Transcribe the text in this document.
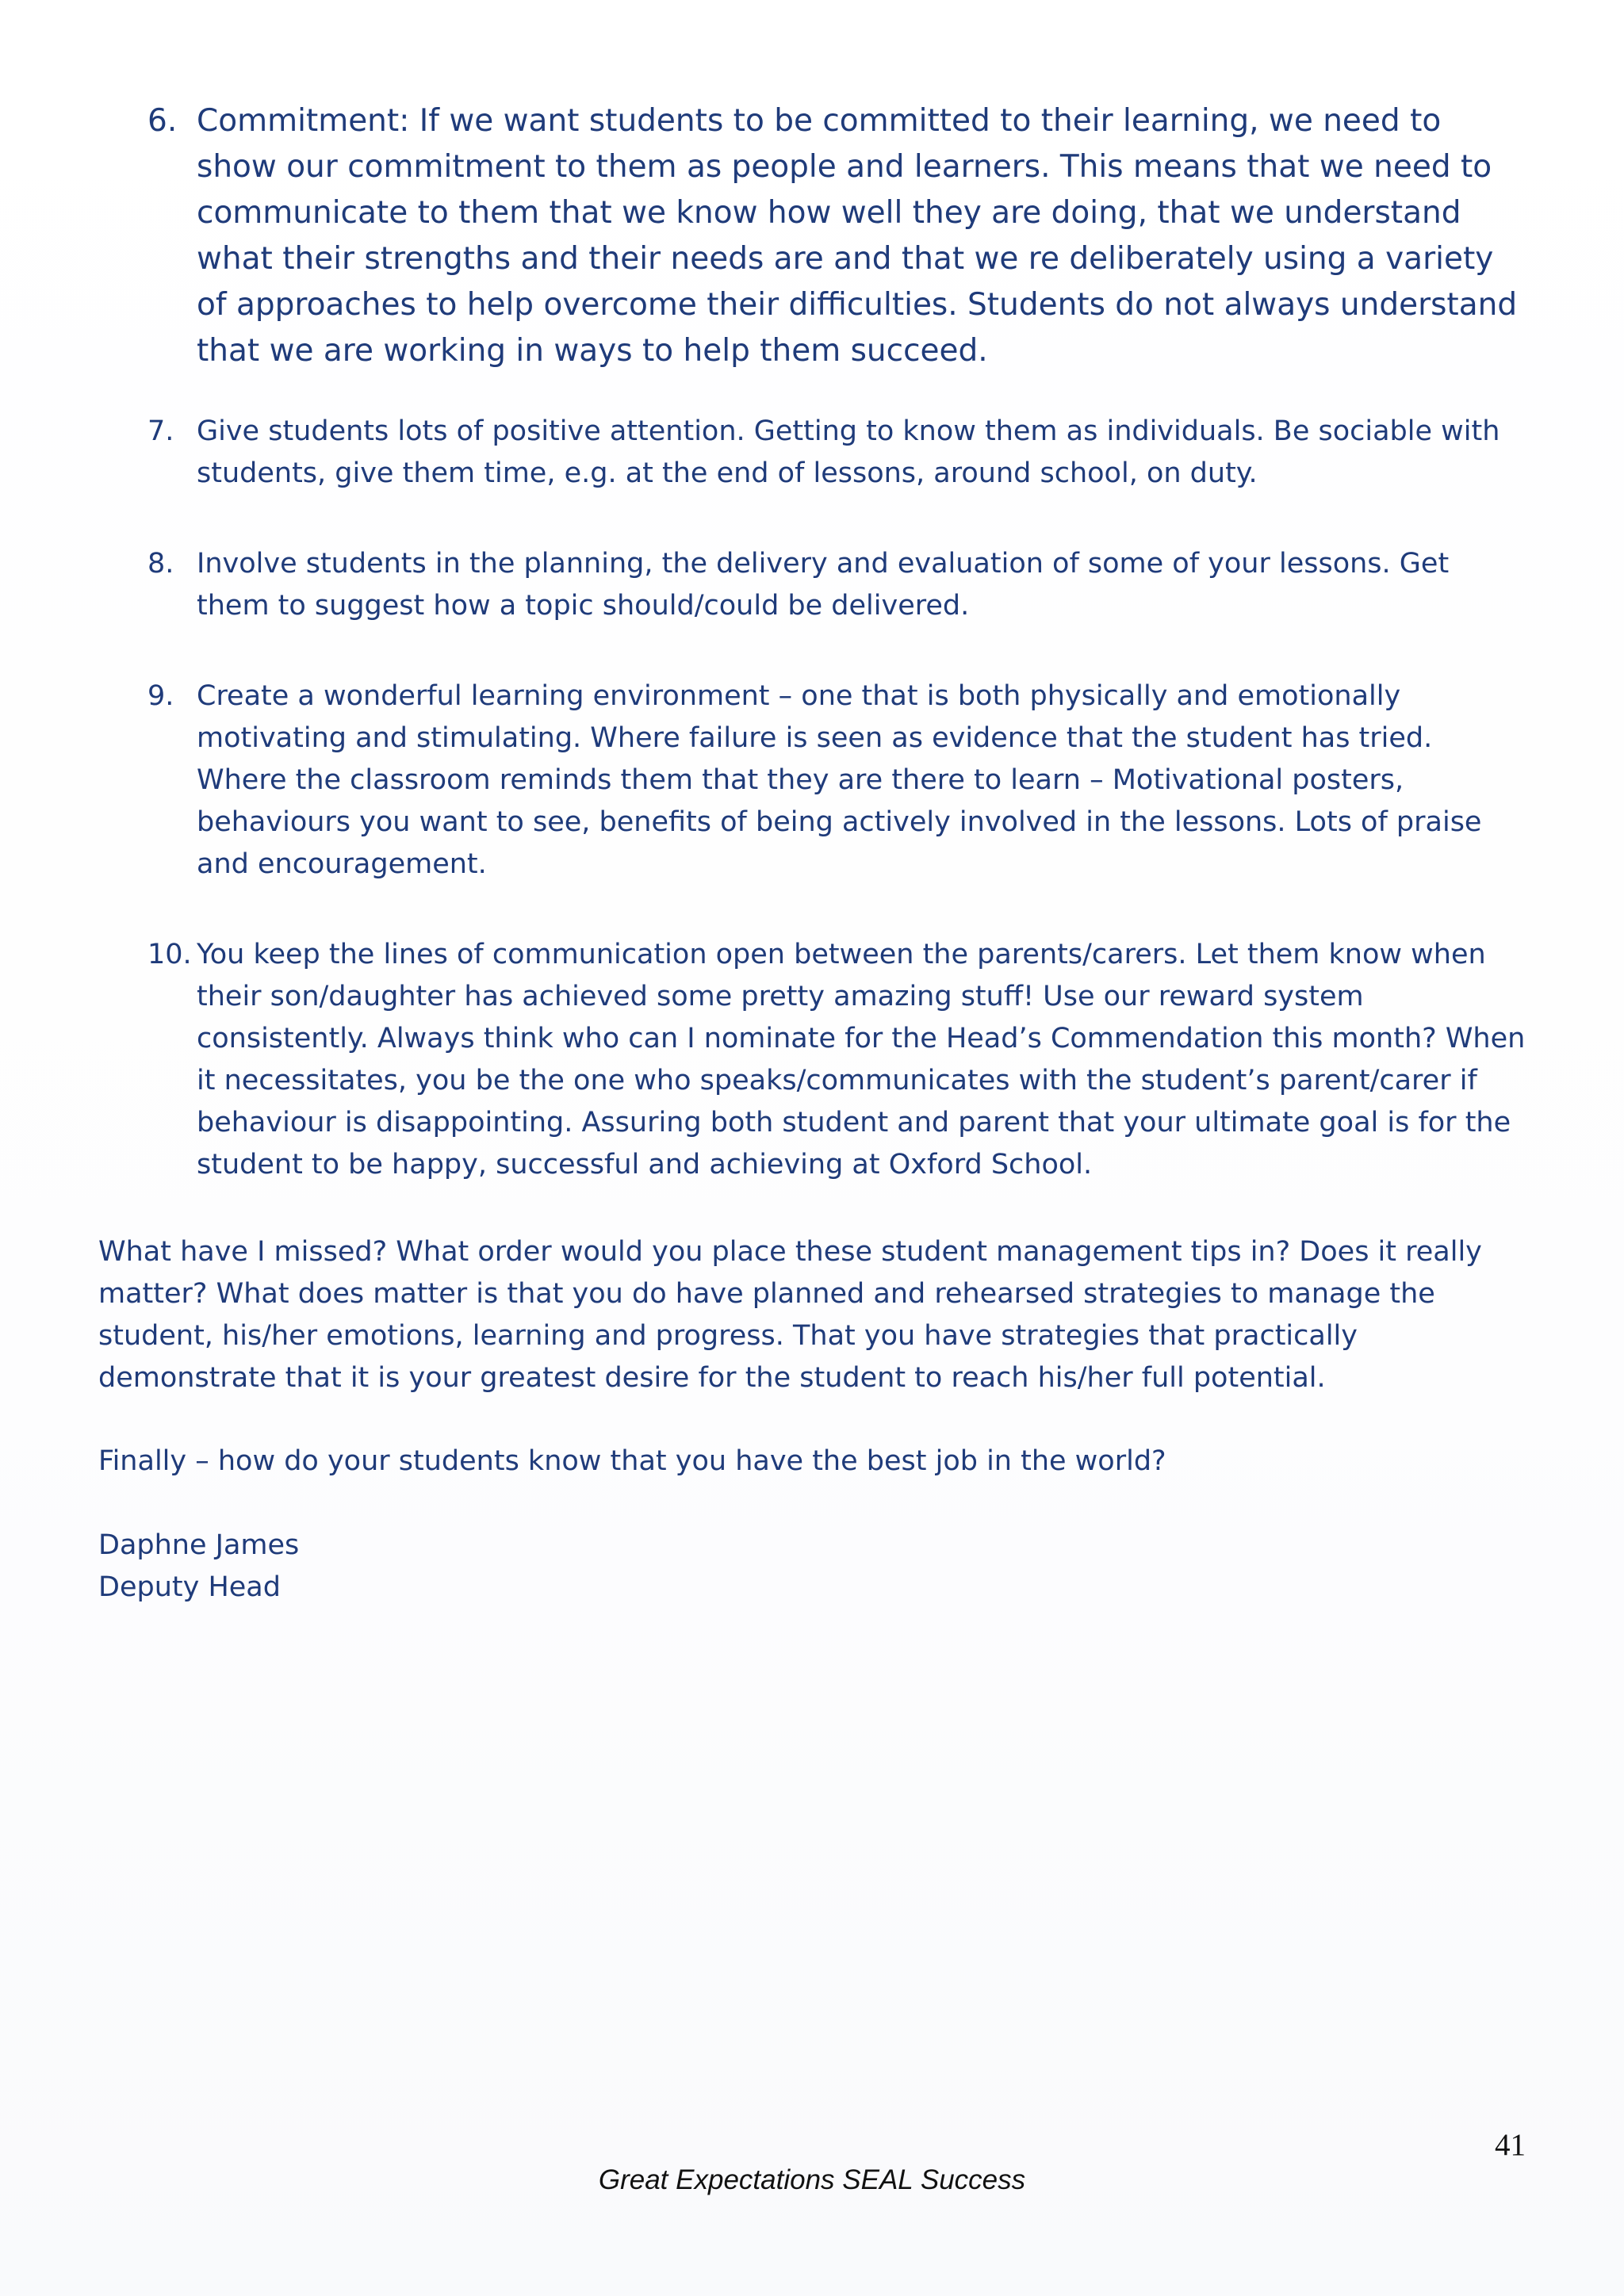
6. Commitment: If we want students to be committed to their learning, we need to show our commitment to them as people and learners. This means that we need to communicate to them that we know how well they are doing, that we understand what their strengths and their needs are and that we re deliberately using a variety of approaches to help overcome their difficulties. Students do not always understand that we are working in ways to help them succeed.
7. Give students lots of positive attention. Getting to know them as individuals. Be sociable with students, give them time, e.g. at the end of lessons, around school, on duty.
8. Involve students in the planning, the delivery and evaluation of some of your lessons. Get them to suggest how a topic should/could be delivered.
9. Create a wonderful learning environment – one that is both physically and emotionally motivating and stimulating. Where failure is seen as evidence that the student has tried. Where the classroom reminds them that they are there to learn – Motivational posters, behaviours you want to see, benefits of being actively involved in the lessons. Lots of praise and encouragement.
10. You keep the lines of communication open between the parents/carers. Let them know when their son/daughter has achieved some pretty amazing stuff! Use our reward system consistently. Always think who can I nominate for the Head’s Commendation this month? When it necessitates, you be the one who speaks/communicates with the student’s parent/carer if behaviour is disappointing. Assuring both student and parent that your ultimate goal is for the student to be happy, successful and achieving at Oxford School.

What have I missed? What order would you place these student management tips in? Does it really matter? What does matter is that you do have planned and rehearsed strategies to manage the student, his/her emotions, learning and progress. That you have strategies that practically demonstrate that it is your greatest desire for the student to reach his/her full potential.

Finally – how do your students know that you have the best job in the world?

Daphne James
Deputy Head

41
Great Expectations SEAL Success
